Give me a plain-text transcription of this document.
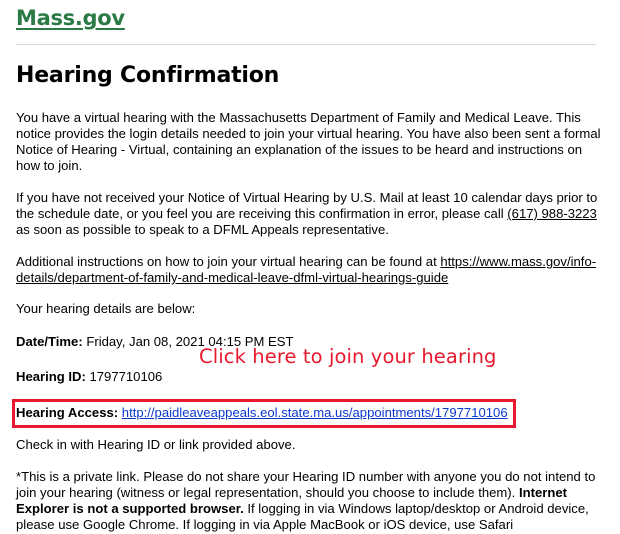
Mass.gov
Hearing Confirmation

You have a virtual hearing with the Massachusetts Department of Family and Medical Leave. This notice provides the login details needed to join your virtual hearing. You have also been sent a formal Notice of Hearing - Virtual, containing an explanation of the issues to be heard and instructions on how to join.

If you have not received your Notice of Virtual Hearing by U.S. Mail at least 10 calendar days prior to the schedule date, or you feel you are receiving this confirmation in error, please call (617) 988-3223 as soon as possible to speak to a DFML Appeals representative.

Additional instructions on how to join your virtual hearing can be found at https://www.mass.gov/info-details/department-of-family-and-medical-leave-dfml-virtual-hearings-guide

Your hearing details are below:

Date/Time: Friday, Jan 08, 2021 04:15 PM EST

Hearing ID: 1797710106

Hearing Access: http://paidleaveappeals.eol.state.ma.us/appointments/1797710106

Check in with Hearing ID or link provided above.

*This is a private link. Please do not share your Hearing ID number with anyone you do not intend to join your hearing (witness or legal representation, should you choose to include them). Internet Explorer is not a supported browser. If logging in via Windows laptop/desktop or Android device, please use Google Chrome. If logging in via Apple MacBook or iOS device, use Safari

Click here to join your hearing
